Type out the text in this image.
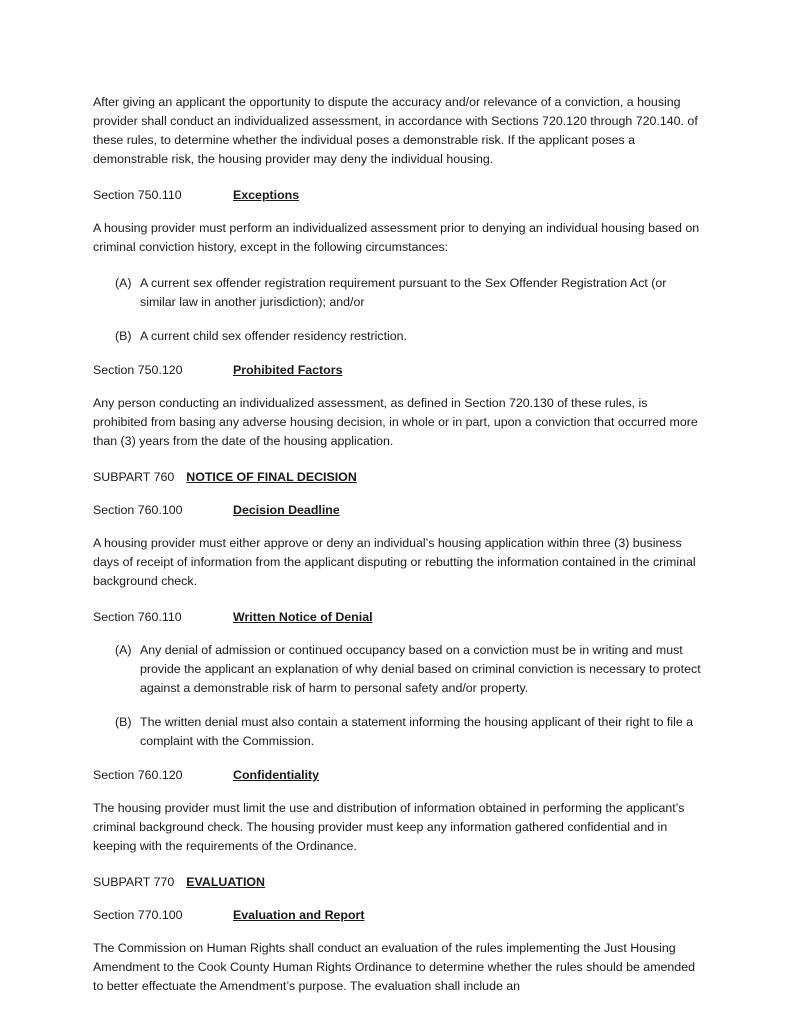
After giving an applicant the opportunity to dispute the accuracy and/or relevance of a conviction, a housing provider shall conduct an individualized assessment, in accordance with Sections 720.120 through 720.140. of these rules, to determine whether the individual poses a demonstrable risk. If the applicant poses a demonstrable risk, the housing provider may deny the individual housing.

Section 750.110	Exceptions

A housing provider must perform an individualized assessment prior to denying an individual housing based on criminal conviction history, except in the following circumstances:

(A) A current sex offender registration requirement pursuant to the Sex Offender Registration Act (or similar law in another jurisdiction); and/or
(B) A current child sex offender residency restriction.
Section 750.120	Prohibited Factors

Any person conducting an individualized assessment, as defined in Section 720.130 of these rules, is prohibited from basing any adverse housing decision, in whole or in part, upon a conviction that occurred more than (3) years from the date of the housing application.

SUBPART 760 NOTICE OF FINAL DECISION
Section 760.100	Decision Deadline

A housing provider must either approve or deny an individual’s housing application within three (3) business days of receipt of information from the applicant disputing or rebutting the information contained in the criminal background check.

Section 760.110	Written Notice of Denial
(A) Any denial of admission or continued occupancy based on a conviction must be in writing and must provide the applicant an explanation of why denial based on criminal conviction is necessary to protect against a demonstrable risk of harm to personal safety and/or property.
(B) The written denial must also contain a statement informing the housing applicant of their right to file a complaint with the Commission.
Section 760.120	Confidentiality

The housing provider must limit the use and distribution of information obtained in performing the applicant’s criminal background check. The housing provider must keep any information gathered confidential and in keeping with the requirements of the Ordinance.

SUBPART 770 EVALUATION
Section 770.100	Evaluation and Report

The Commission on Human Rights shall conduct an evaluation of the rules implementing the Just Housing Amendment to the Cook County Human Rights Ordinance to determine whether the rules should be amended to better effectuate the Amendment’s purpose. The evaluation shall include an
